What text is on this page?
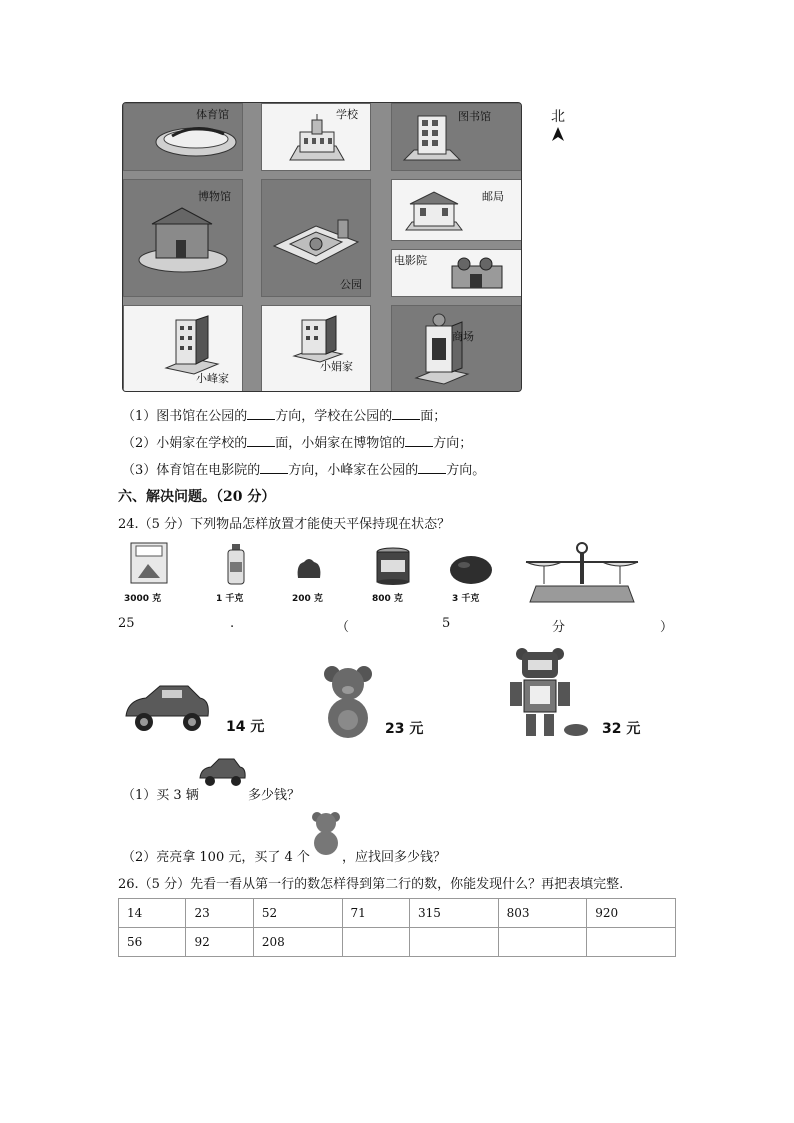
体育馆	学校	图书馆
博物馆
公园
邮局
电影院
小峰家
小娟家
商场
北
（1）图书馆在公园的 方向，学校在公园的 面；
（2）小娟家在学校的 面，小娟家在博物馆的 方向；
（3）体育馆在电影院的 方向，小峰家在公园的 方向。
六、解决问题。（20 分）
24.（5 分）下列物品怎样放置才能使天平保持现在状态？
3000 克	1 千克	200 克	800 克	3 千克
25	.	（	5	分	）
14 元	23 元	32 元
（1）买 3 辆	多少钱？
（2）亮亮拿 100 元，买了 4 个 ，应找回多少钱？
26.（5 分）先看一看从第一行的数怎样得到第二行的数，你能发现什么？再把表填完整.
14	23	52	71	315	803	920
56	92	208				
